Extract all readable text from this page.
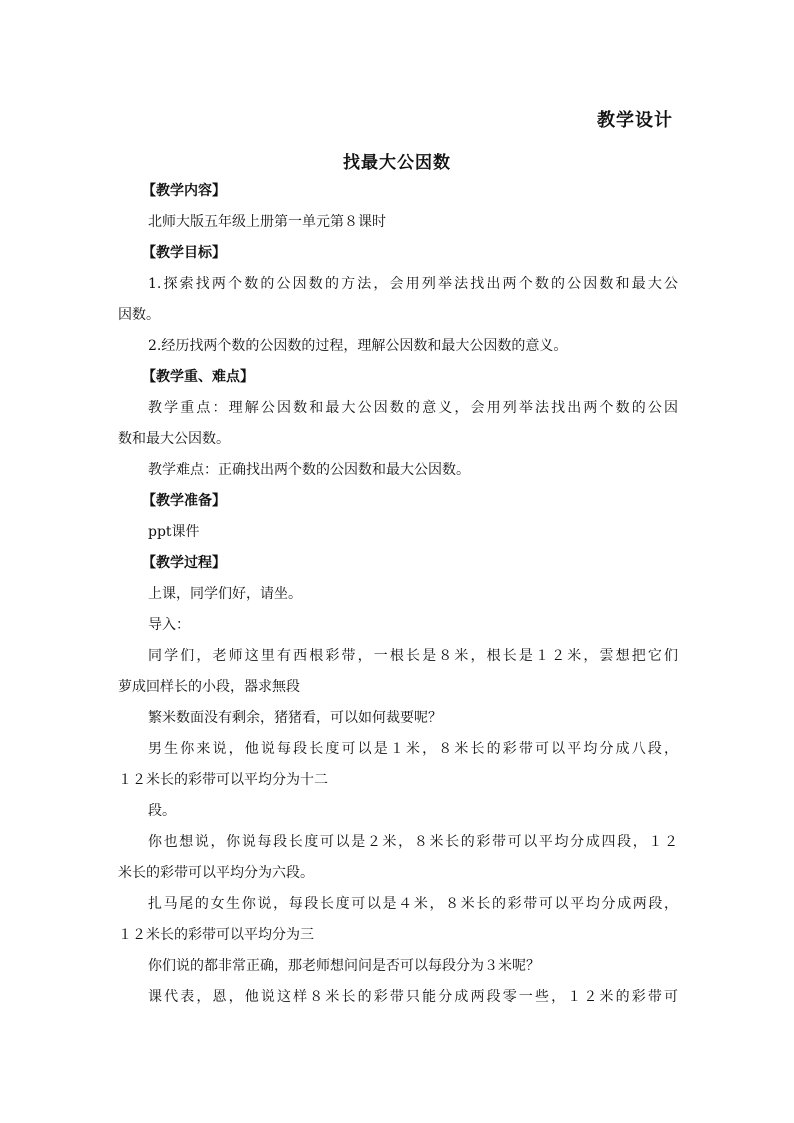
教学设计
找最大公因数
【教学内容】
北师大版五年级上册第一单元第８课时
【教学目标】
1.探索找两个数的公因数的方法，会用列举法找出两个数的公因数和最大公
因数。
2.经历找两个数的公因数的过程，理解公因数和最大公因数的意义。
【教学重、难点】
教学重点：理解公因数和最大公因数的意义，会用列举法找出两个数的公因
数和最大公因数。
教学难点：正确找出两个数的公因数和最大公因数。
【教学准备】
ppt课件
【教学过程】
上课，同学们好，请坐。
导入：
同学们，老师这里有西根彩带，一根长是８米，根长是１２米，雲想把它们
萝成回样长的小段，器求無段
繁米数面没有剩余，猪猪看，可以如何裁要呢？
男生你来说，他说每段长度可以是１米，８米长的彩带可以平均分成八段，
１２米长的彩带可以平均分为十二
段。
你也想说，你说每段长度可以是２米，８米长的彩带可以平均分成四段，１２
米长的彩带可以平均分为六段。
扎马尾的女生你说，每段长度可以是４米，８米长的彩带可以平均分成两段，
１２米长的彩带可以平均分为三
你们说的都非常正确，那老师想问问是否可以每段分为３米呢？
课代表，恩，他说这样８米长的彩带只能分成两段零一些，１２米的彩带可
